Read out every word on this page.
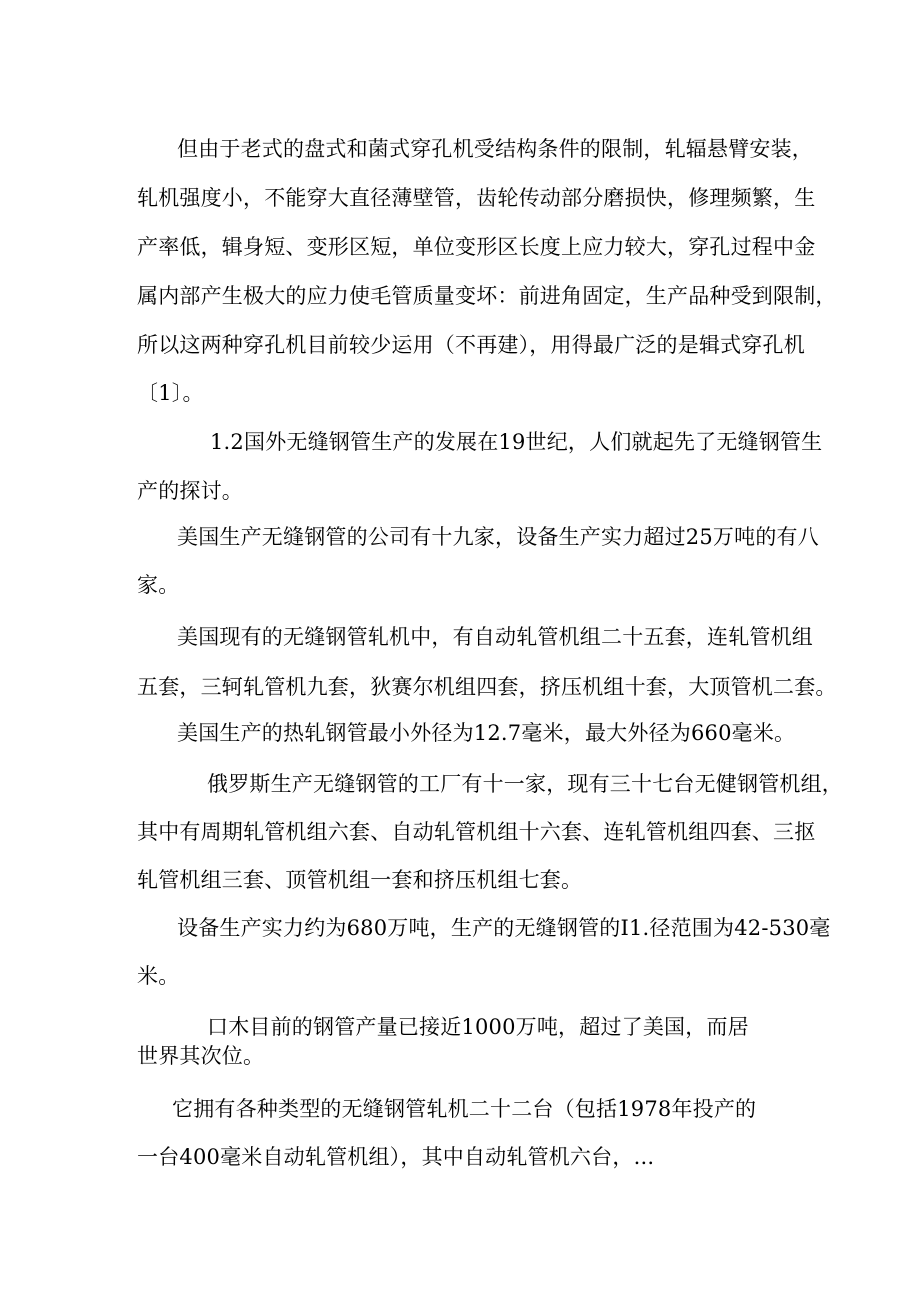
但由于老式的盘式和菌式穿孔机受结构条件的限制，轧辐悬臂安装，
轧机强度小，不能穿大直径薄壁管，齿轮传动部分磨损快，修理频繁，生
产率低，辑身短、变形区短，单位变形区长度上应力较大，穿孔过程中金
属内部产生极大的应力使毛管质量变坏：前进角固定，生产品种受到限制，
所以这两种穿孔机目前较少运用（不再建），用得最广泛的是辑式穿孔机
〔1〕。
1.2国外无缝钢管生产的发展在19世纪，人们就起先了无缝钢管生
产的探讨。
美国生产无缝钢管的公司有十九家，设备生产实力超过25万吨的有八
家。
美国现有的无缝钢管轧机中，有自动轧管机组二十五套，连轧管机组
五套，三轲轧管机九套，狄赛尔机组四套，挤压机组十套，大顶管机二套。
美国生产的热轧钢管最小外径为12.7毫米，最大外径为660毫米。
俄罗斯生产无缝钢管的工厂有十一家，现有三十七台无健钢管机组，
其中有周期轧管机组六套、自动轧管机组十六套、连轧管机组四套、三抠
轧管机组三套、顶管机组一套和挤压机组七套。
设备生产实力约为680万吨，生产的无缝钢管的I1.径范围为42-530毫
米。
口木目前的钢管产量已接近1000万吨，超过了美国，而居
世界其次位。
它拥有各种类型的无缝钢管轧机二十二台（包括1978年投产的
一台400毫米自动轧管机组），其中自动轧管机六台，...
